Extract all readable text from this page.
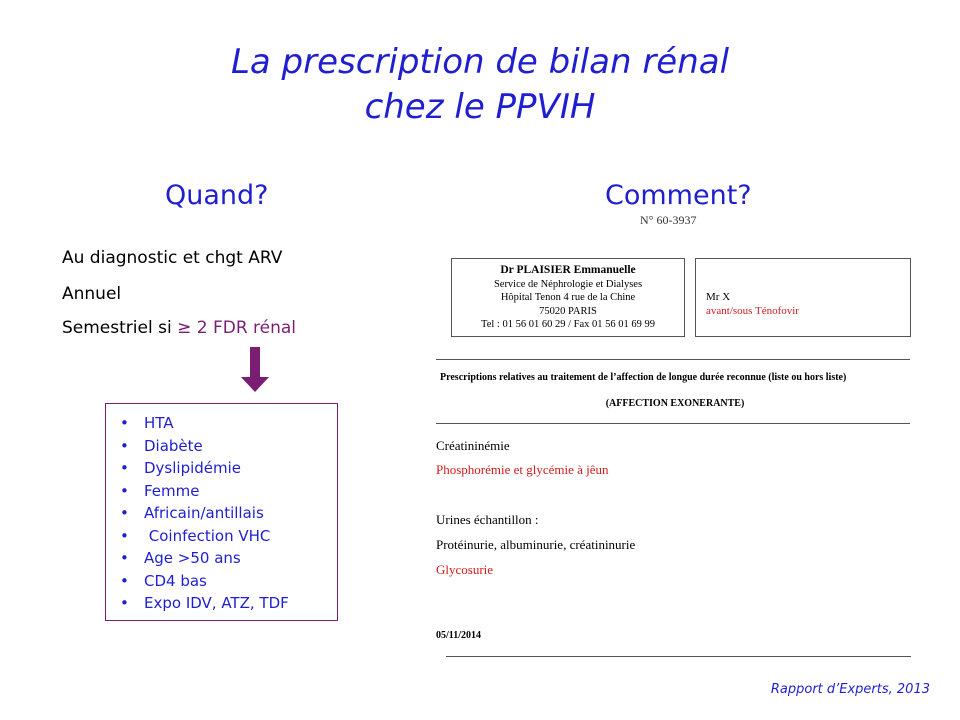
La prescription de bilan rénal
chez le PPVIH
Quand?
Au diagnostic et chgt ARV
Annuel
Semestriel si ≥ 2 FDR rénal
• HTA
• Diabète
• Dyslipidémie
• Femme
• Africain/antillais
• Coinfection VHC
• Age >50 ans
• CD4 bas
• Expo IDV, ATZ, TDF
Comment?
N° 60-3937
Dr PLAISIER Emmanuelle
Service de Néphrologie et Dialyses
Hôpital Tenon 4 rue de la Chine
75020 PARIS
Tel : 01 56 01 60 29 / Fax 01 56 01 69 99
Mr X
avant/sous Ténofovir
Prescriptions relatives au traitement de l’affection de longue durée reconnue (liste ou hors liste)
(AFFECTION EXONERANTE)
Créatininémie
Phosphorémie et glycémie à jêun
Urines échantillon :
Protéinurie, albuminurie, créatininurie
Glycosurie
05/11/2014
Rapport d’Experts, 2013
